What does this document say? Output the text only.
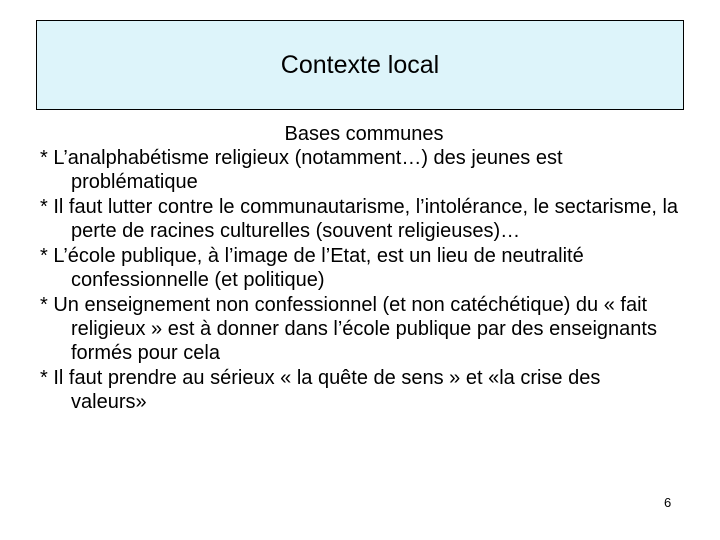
Contexte local
Bases communes
* L’analphabétisme religieux (notamment…) des jeunes est problématique
* Il faut lutter contre le communautarisme, l’intolérance, le sectarisme, la perte de racines culturelles (souvent religieuses)…
* L’école publique, à l’image de l’Etat, est un lieu de neutralité confessionnelle (et politique)
* Un enseignement non confessionnel (et non catéchétique) du « fait religieux » est à donner dans l’école publique par des enseignants formés pour cela
* Il faut prendre au sérieux « la quête de sens » et «la crise des valeurs»
6
